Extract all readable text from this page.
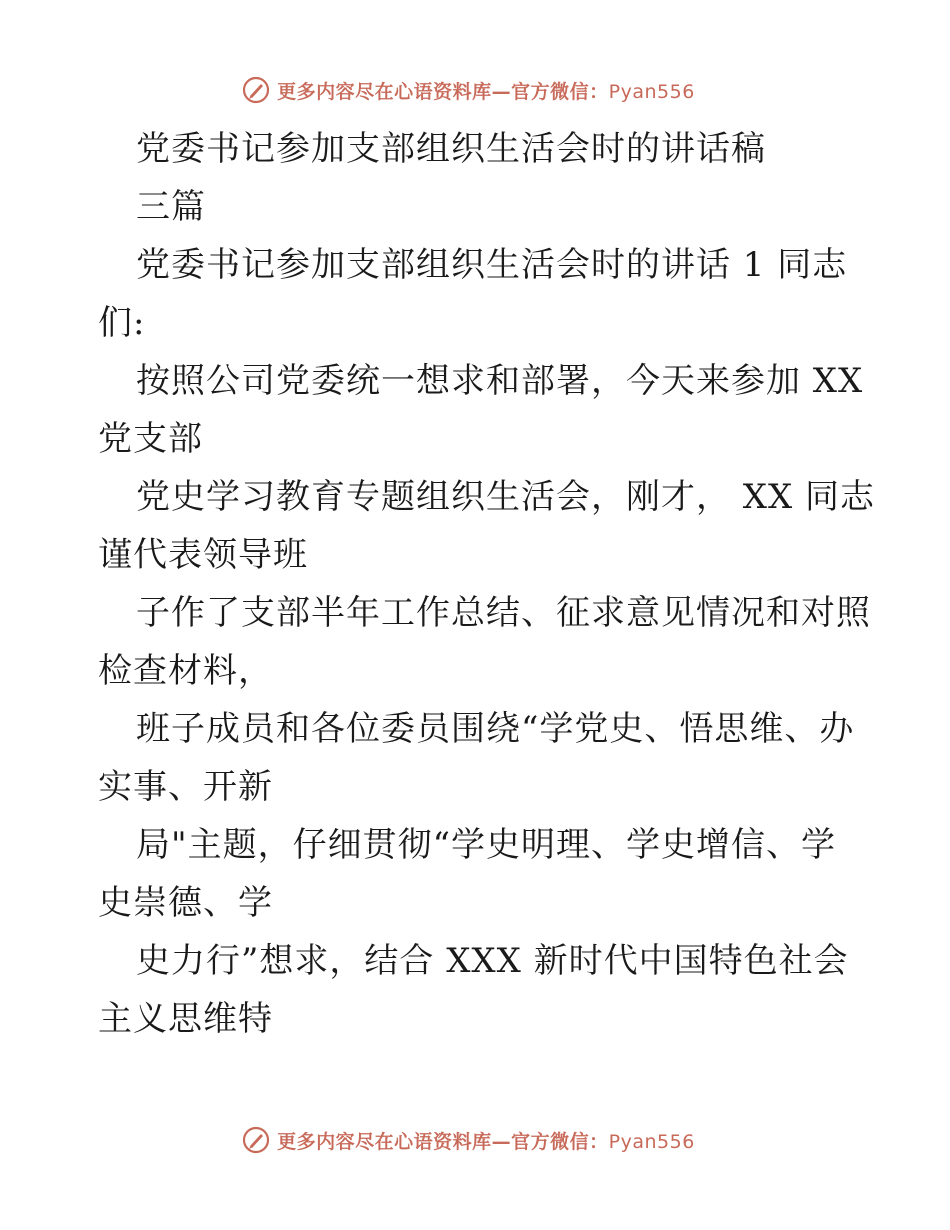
更多内容尽在心语资料库—官方微信：Pyan556
党委书记参加支部组织生活会时的讲话稿
三篇
党委书记参加支部组织生活会时的讲话 1 同志
们:
按照公司党委统一想求和部署，今天来参加 XX
党支部
党史学习教育专题组织生活会，刚才， XX 同志
谨代表领导班
子作了支部半年工作总结、征求意见情况和对照
检查材料，
班子成员和各位委员围绕“学党史、悟思维、办
实事、开新
局"主题，仔细贯彻“学史明理、学史增信、学
史崇德、学
史力行”想求，结合 XXX 新时代中国特色社会
主义思维特
更多内容尽在心语资料库—官方微信：Pyan556
